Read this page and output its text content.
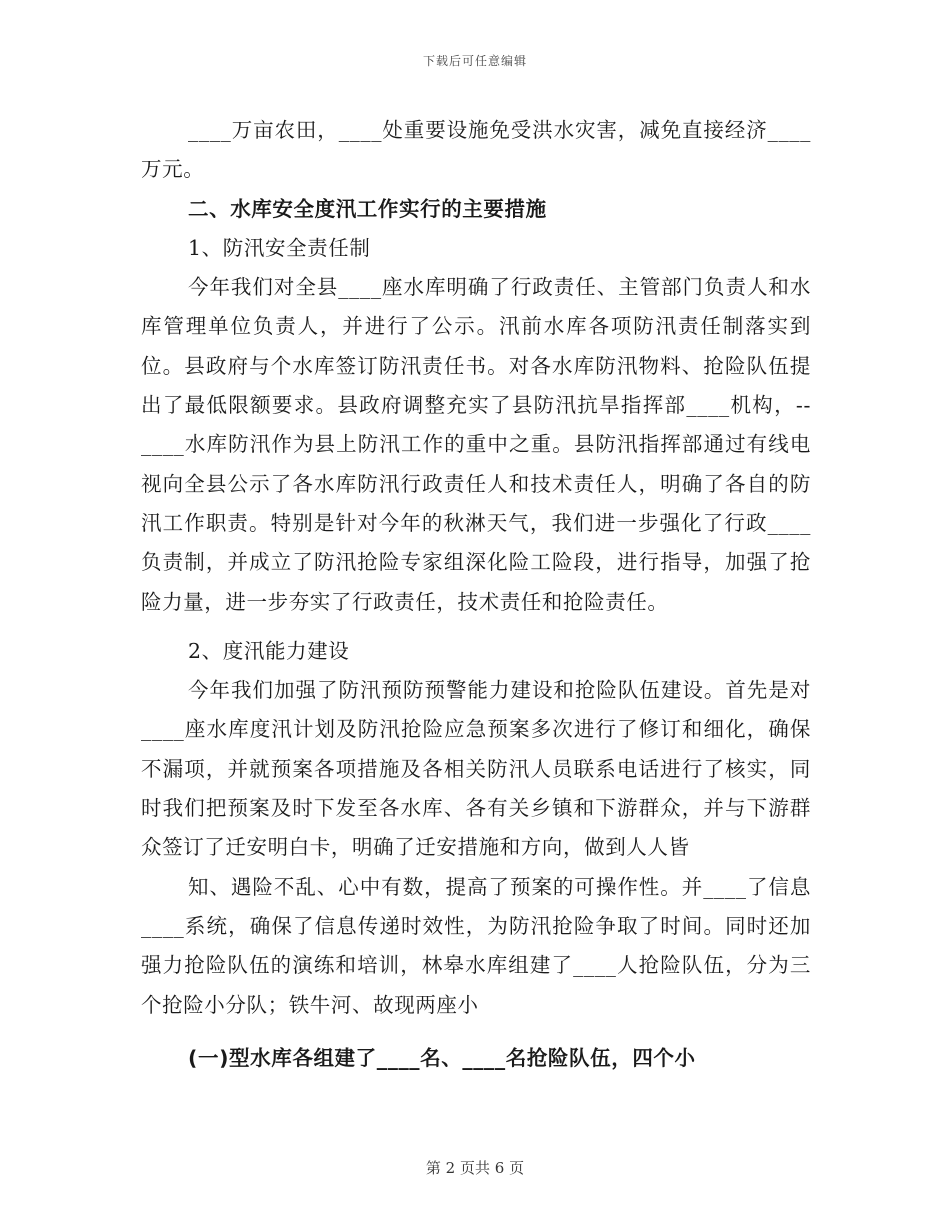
下载后可任意编辑

____万亩农田，____处重要设施免受洪水灾害，减免直接经济____万元。

二、水库安全度汛工作实行的主要措施

1、防汛安全责任制

今年我们对全县____座水库明确了行政责任、主管部门负责人和水库管理单位负责人，并进行了公示。汛前水库各项防汛责任制落实到位。县政府与个水库签订防汛责任书。对各水库防汛物料、抢险队伍提出了最低限额要求。县政府调整充实了县防汛抗旱指挥部____机构，--____水库防汛作为县上防汛工作的重中之重。县防汛指挥部通过有线电视向全县公示了各水库防汛行政责任人和技术责任人，明确了各自的防汛工作职责。特别是针对今年的秋淋天气，我们进一步强化了行政____负责制，并成立了防汛抢险专家组深化险工险段，进行指导，加强了抢险力量，进一步夯实了行政责任，技术责任和抢险责任。

2、度汛能力建设

今年我们加强了防汛预防预警能力建设和抢险队伍建设。首先是对____座水库度汛计划及防汛抢险应急预案多次进行了修订和细化，确保不漏项，并就预案各项措施及各相关防汛人员联系电话进行了核实，同时我们把预案及时下发至各水库、各有关乡镇和下游群众，并与下游群众签订了迁安明白卡，明确了迁安措施和方向，做到人人皆

知、遇险不乱、心中有数，提高了预案的可操作性。并____了信息____系统，确保了信息传递时效性，为防汛抢险争取了时间。同时还加强力抢险队伍的演练和培训，林皋水库组建了____人抢险队伍，分为三个抢险小分队；铁牛河、故现两座小

(一)型水库各组建了____名、____名抢险队伍，四个小

第 2 页共 6 页
